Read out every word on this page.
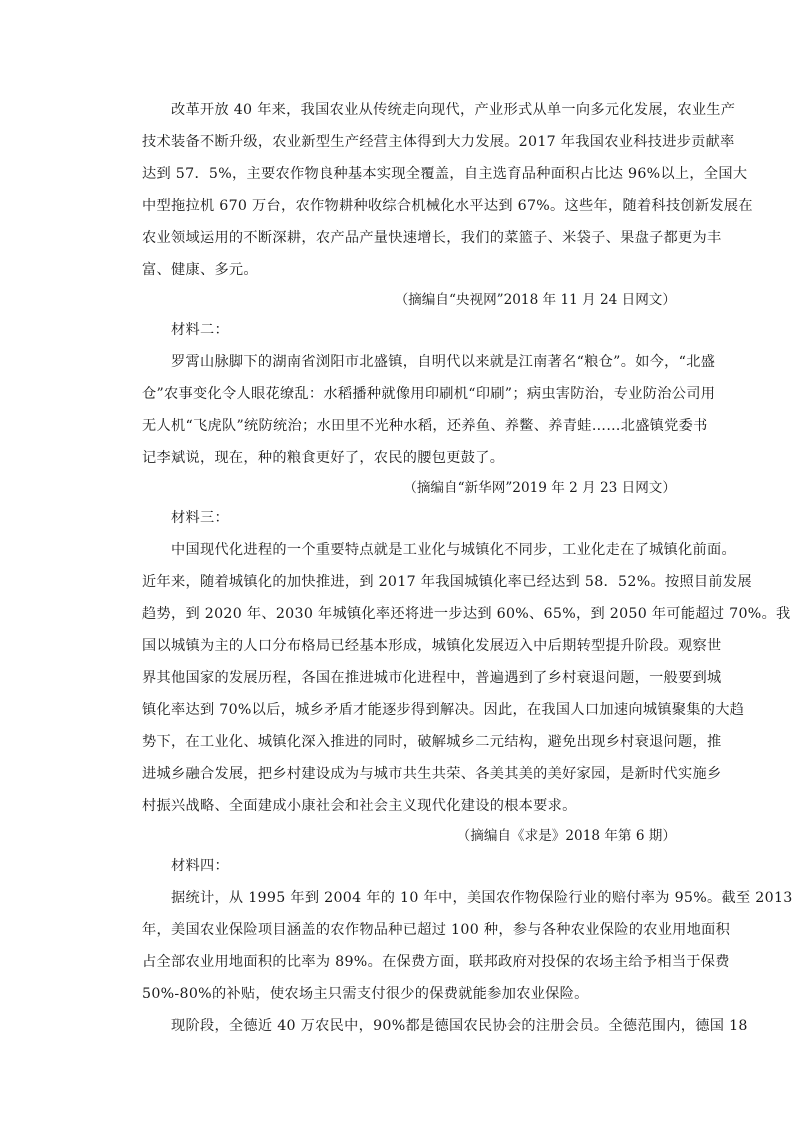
　　改革开放 40 年来，我国农业从传统走向现代，产业形式从单一向多元化发展，农业生产
技术装备不断升级，农业新型生产经营主体得到大力发展。2017 年我国农业科技进步贡献率
达到 57．5%，主要农作物良种基本实现全覆盖，自主选育品种面积占比达 96%以上，全国大
中型拖拉机 670 万台，农作物耕种收综合机械化水平达到 67%。这些年，随着科技创新发展在
农业领域运用的不断深耕，农产品产量快速增长，我们的菜篮子、米袋子、果盘子都更为丰
富、健康、多元。
（摘编自“央视网”2018 年 11 月 24 日网文）
　　材料二：
　　罗霄山脉脚下的湖南省浏阳市北盛镇，自明代以来就是江南著名“粮仓”。如今，“北盛
仓”农事变化令人眼花缭乱：水稻播种就像用印刷机“印刷”；病虫害防治，专业防治公司用
无人机“飞虎队”统防统治；水田里不光种水稻，还养鱼、养鳖、养青蛙……北盛镇党委书
记李斌说，现在，种的粮食更好了，农民的腰包更鼓了。
（摘编自“新华网”2019 年 2 月 23 日网文）
　　材料三：
　　中国现代化进程的一个重要特点就是工业化与城镇化不同步，工业化走在了城镇化前面。
近年来，随着城镇化的加快推进，到 2017 年我国城镇化率已经达到 58．52%。按照目前发展
趋势，到 2020 年、2030 年城镇化率还将进一步达到 60%、65%，到 2050 年可能超过 70%。我
国以城镇为主的人口分布格局已经基本形成，城镇化发展迈入中后期转型提升阶段。观察世
界其他国家的发展历程，各国在推进城市化进程中，普遍遇到了乡村衰退问题，一般要到城
镇化率达到 70%以后，城乡矛盾才能逐步得到解决。因此，在我国人口加速向城镇聚集的大趋
势下，在工业化、城镇化深入推进的同时，破解城乡二元结构，避免出现乡村衰退问题，推
进城乡融合发展，把乡村建设成为与城市共生共荣、各美其美的美好家园，是新时代实施乡
村振兴战略、全面建成小康社会和社会主义现代化建设的根本要求。
（摘编自《求是》2018 年第 6 期）
　　材料四：
　　据统计，从 1995 年到 2004 年的 10 年中，美国农作物保险行业的赔付率为 95%。截至 2013
年，美国农业保险项目涵盖的农作物品种已超过 100 种，参与各种农业保险的农业用地面积
占全部农业用地面积的比率为 89%。在保费方面，联邦政府对投保的农场主给予相当于保费
50%-80%的补贴，使农场主只需支付很少的保费就能参加农业保险。
　　现阶段，全德近 40 万农民中，90%都是德国农民协会的注册会员。全德范围内，德国 18
